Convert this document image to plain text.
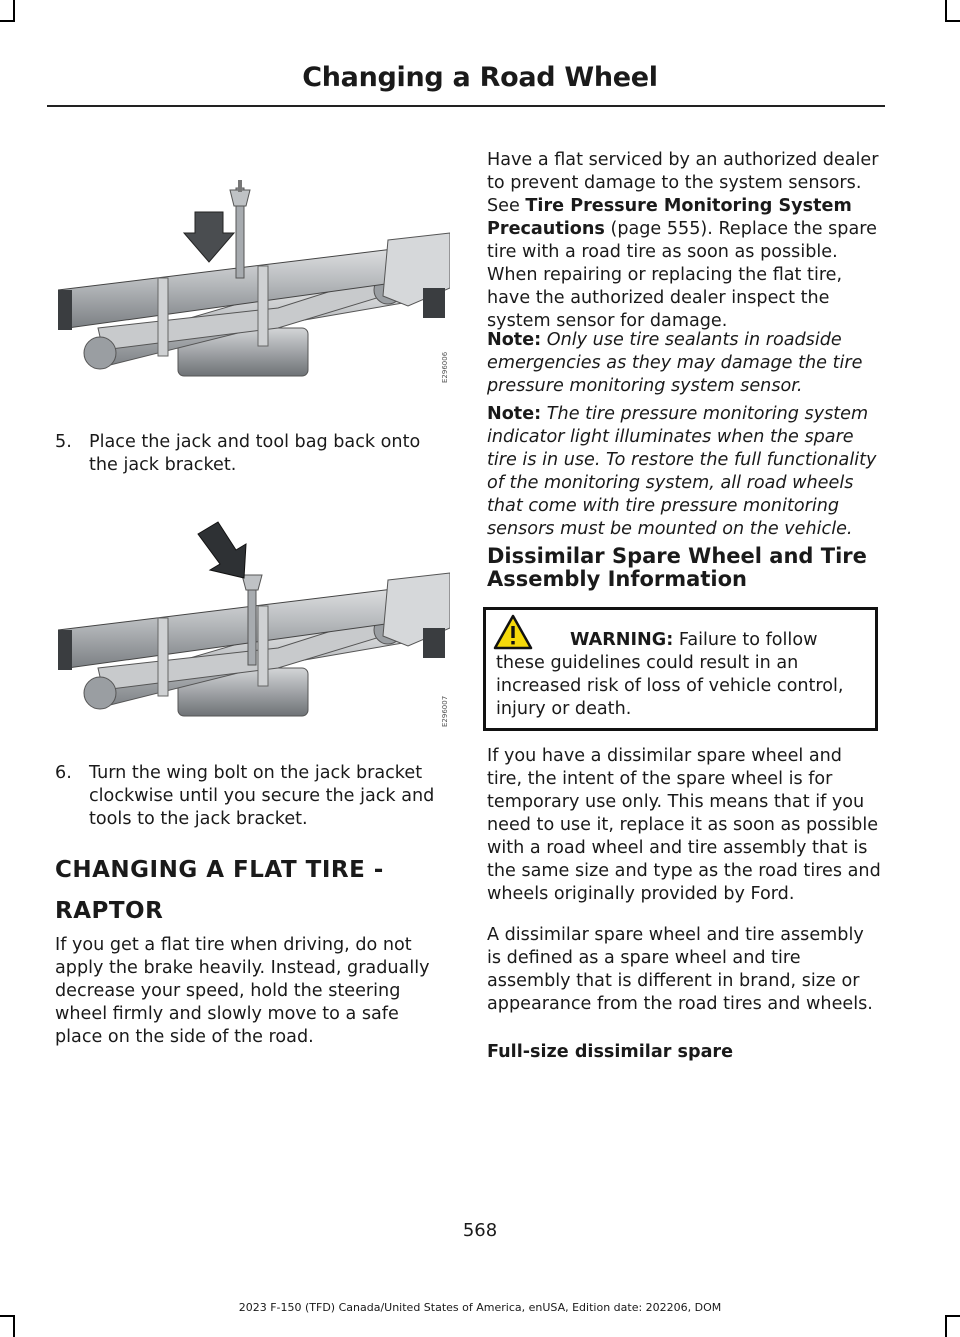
Changing a Road Wheel
E296006
5. Place the jack and tool bag back onto the jack bracket.
E296007
6. Turn the wing bolt on the jack bracket clockwise until you secure the jack and tools to the jack bracket.
CHANGING A FLAT TIRE -
RAPTOR
If you get a flat tire when driving, do not apply the brake heavily. Instead, gradually decrease your speed, hold the steering wheel firmly and slowly move to a safe place on the side of the road.
Have a flat serviced by an authorized dealer to prevent damage to the system sensors. See Tire Pressure Monitoring System Precautions (page 555). Replace the spare tire with a road tire as soon as possible. When repairing or replacing the flat tire, have the authorized dealer inspect the system sensor for damage.
Note: Only use tire sealants in roadside emergencies as they may damage the tire pressure monitoring system sensor.
Note: The tire pressure monitoring system indicator light illuminates when the spare tire is in use. To restore the full functionality of the monitoring system, all road wheels that come with tire pressure monitoring sensors must be mounted on the vehicle.
Dissimilar Spare Wheel and Tire Assembly Information
WARNING: Failure to follow these guidelines could result in an increased risk of loss of vehicle control, injury or death.
If you have a dissimilar spare wheel and tire, the intent of the spare wheel is for temporary use only. This means that if you need to use it, replace it as soon as possible with a road wheel and tire assembly that is the same size and type as the road tires and wheels originally provided by Ford.
A dissimilar spare wheel and tire assembly is defined as a spare wheel and tire assembly that is different in brand, size or appearance from the road tires and wheels.
Full-size dissimilar spare
568
2023 F-150 (TFD) Canada/United States of America, enUSA, Edition date: 202206, DOM
